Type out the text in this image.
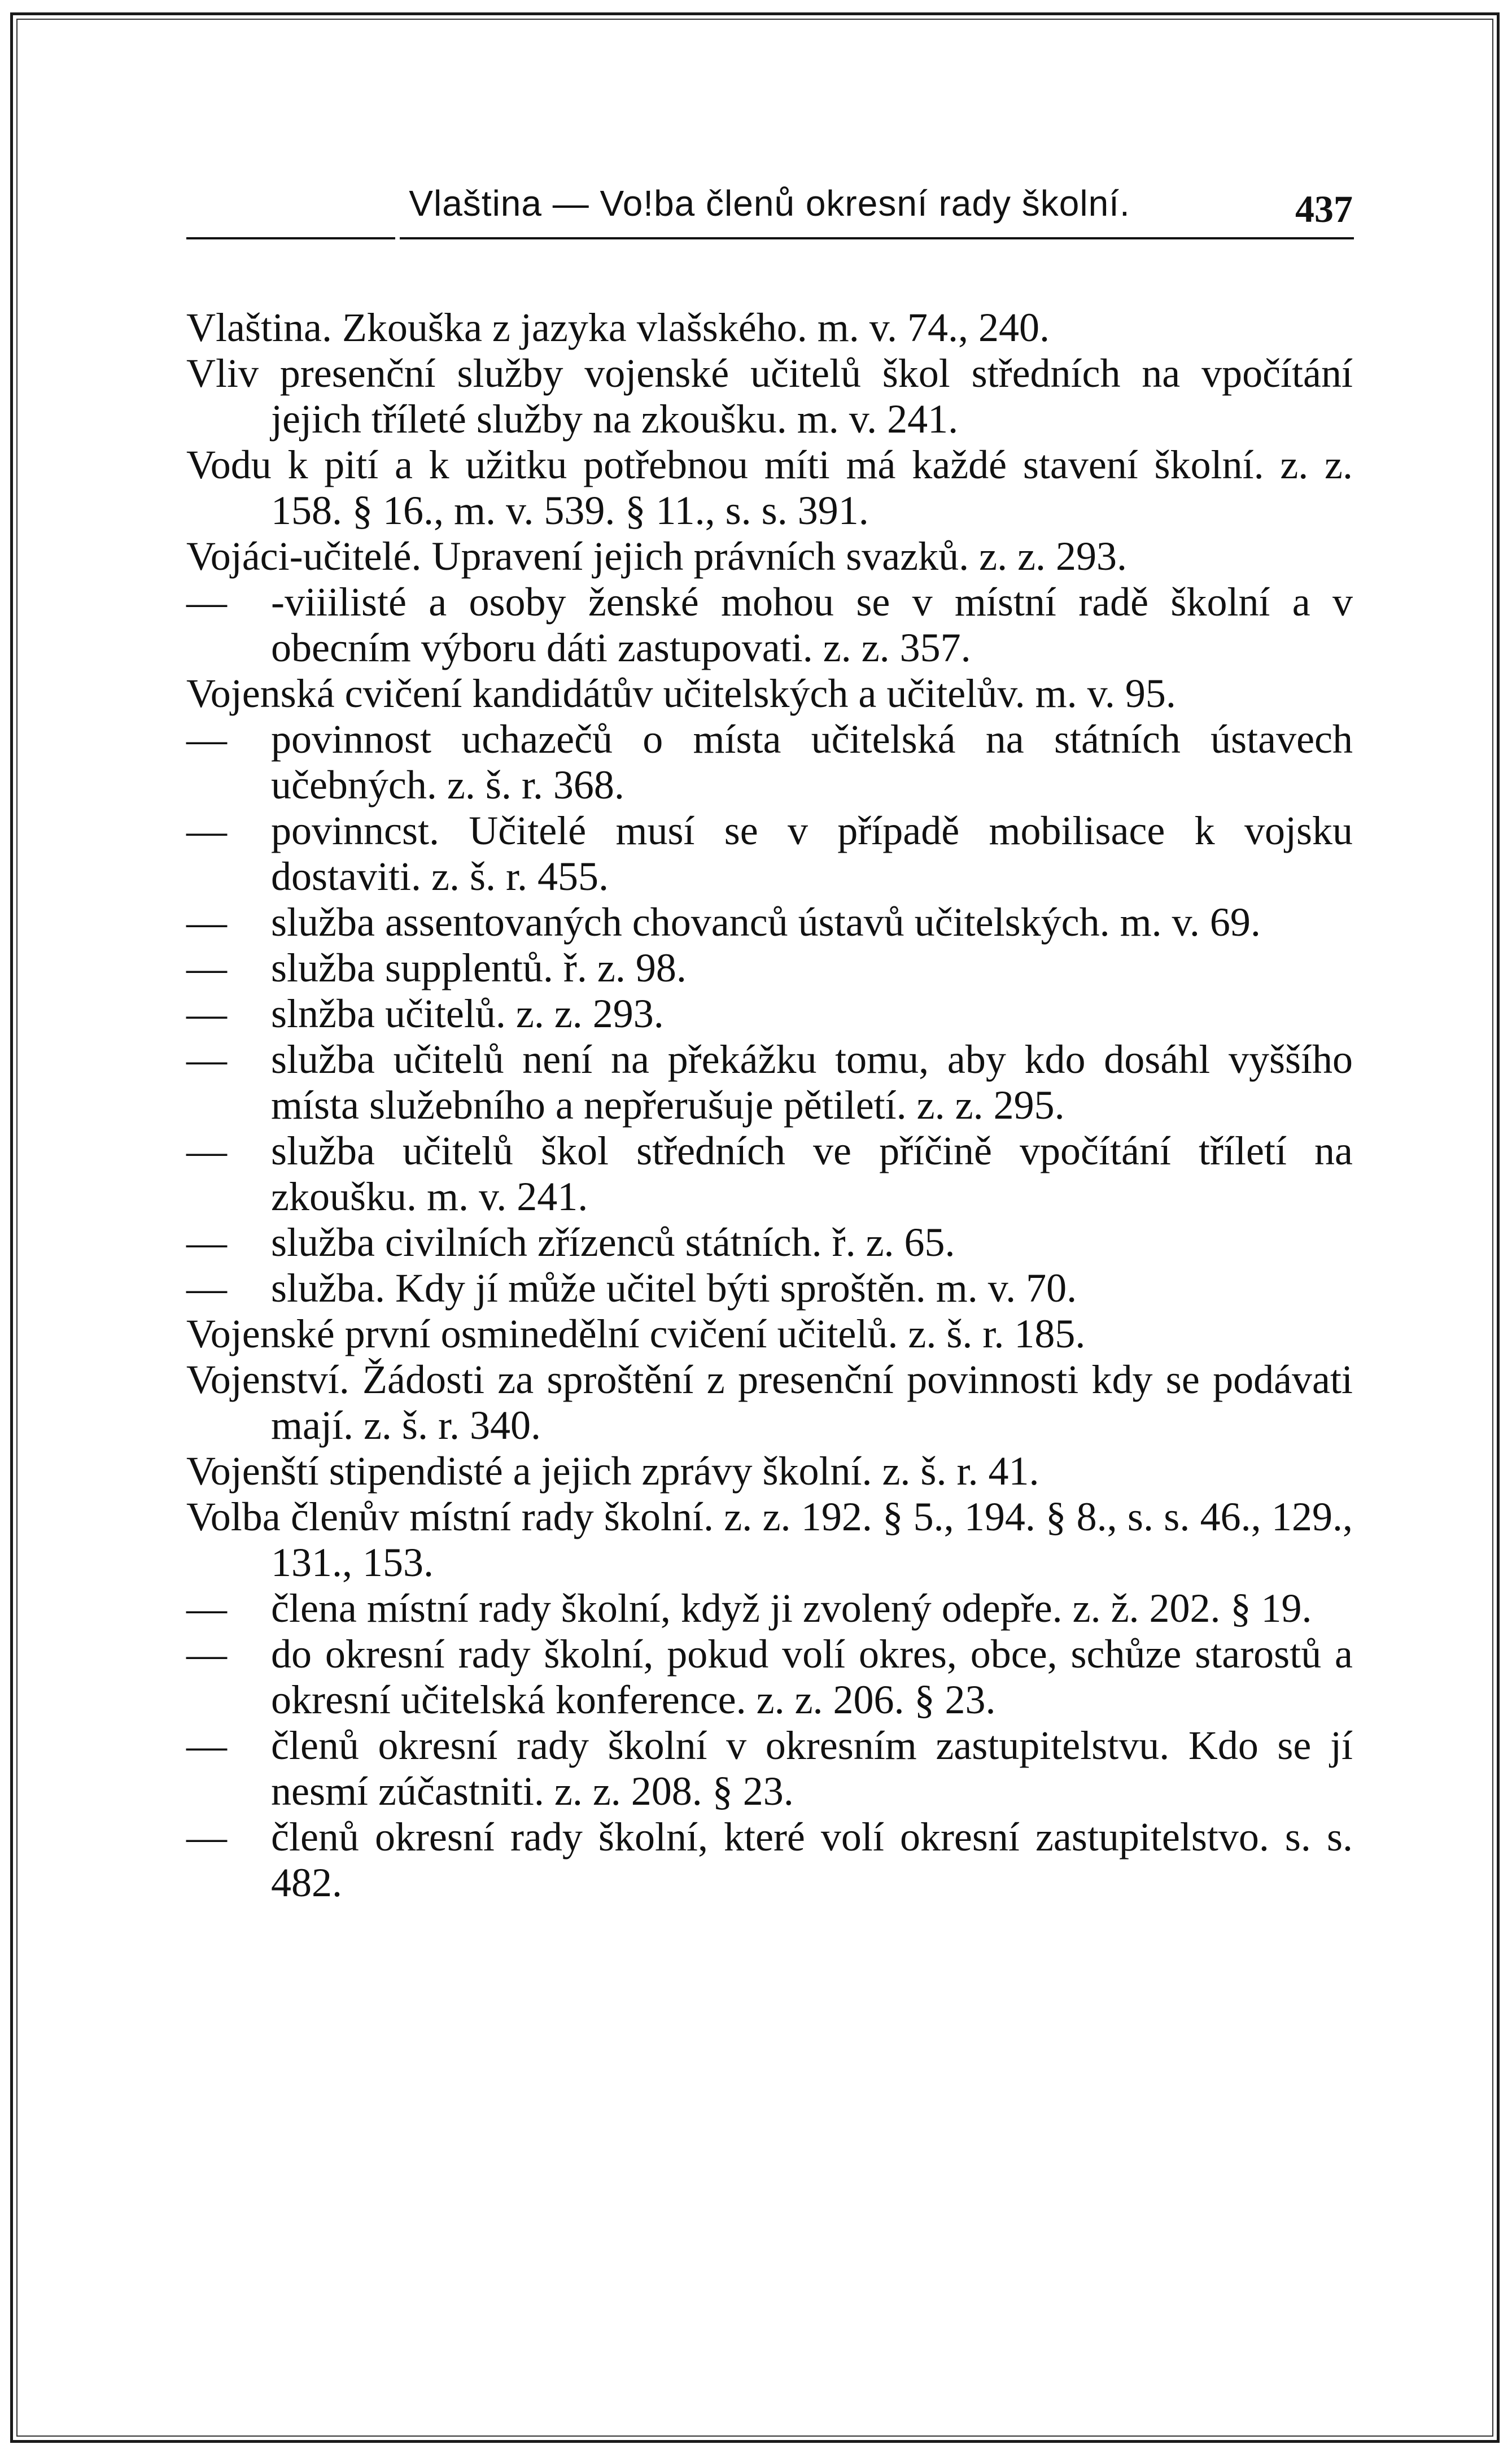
Vlaština — Vo!ba členů okresní rady školní.	437

Vlaština. Zkouška z jazyka vlašského. m. v. 74., 240.

Vliv presenční služby vojenské učitelů škol středních na vpočítání jejich tříleté služby na zkoušku. m. v. 241.

Vodu k pití a k užitku potřebnou míti má každé stavení školní. z. z. 158. § 16., m. v. 539. § 11., s. s. 391.

Vojáci-učitelé. Upravení jejich právních svazků. z. z. 293.

— -viiilisté a osoby ženské mohou se v místní radě školní a v obecním výboru dáti zastupovati. z. z. 357.

Vojenská cvičení kandidátův učitelských a učitelův. m. v. 95.

— povinnost uchazečů o místa učitelská na státních ústavech učebných. z. š. r. 368.

— povinncst. Učitelé musí se v případě mobilisace k vojsku dostaviti. z. š. r. 455.

— služba assentovaných chovanců ústavů učitelských. m. v. 69.

— služba supplentů. ř. z. 98.

— slnžba učitelů. z. z. 293.

— služba učitelů není na překážku tomu, aby kdo dosáhl vyššího místa služebního a nepřerušuje pětiletí. z. z. 295.

— služba učitelů škol středních ve příčině vpočítání tříletí na zkoušku. m. v. 241.

— služba civilních zřízenců státních. ř. z. 65.

— služba. Kdy jí může učitel býti sproštěn. m. v. 70.

Vojenské první osminedělní cvičení učitelů. z. š. r. 185.

Vojenství. Žádosti za sproštění z presenční povinnosti kdy se podávati mají. z. š. r. 340.

Vojenští stipendisté a jejich zprávy školní. z. š. r. 41.

Volba členův místní rady školní. z. z. 192. § 5., 194. § 8., s. s. 46., 129., 131., 153.

— člena místní rady školní, když ji zvolený odepře. z. ž. 202. § 19.

— do okresní rady školní, pokud volí okres, obce, schůze starostů a okresní učitelská konference. z. z. 206. § 23.

— členů okresní rady školní v okresním zastupitelstvu. Kdo se jí nesmí zúčastniti. z. z. 208. § 23.

— členů okresní rady školní, které volí okresní zastupitelstvo. s. s. 482.
